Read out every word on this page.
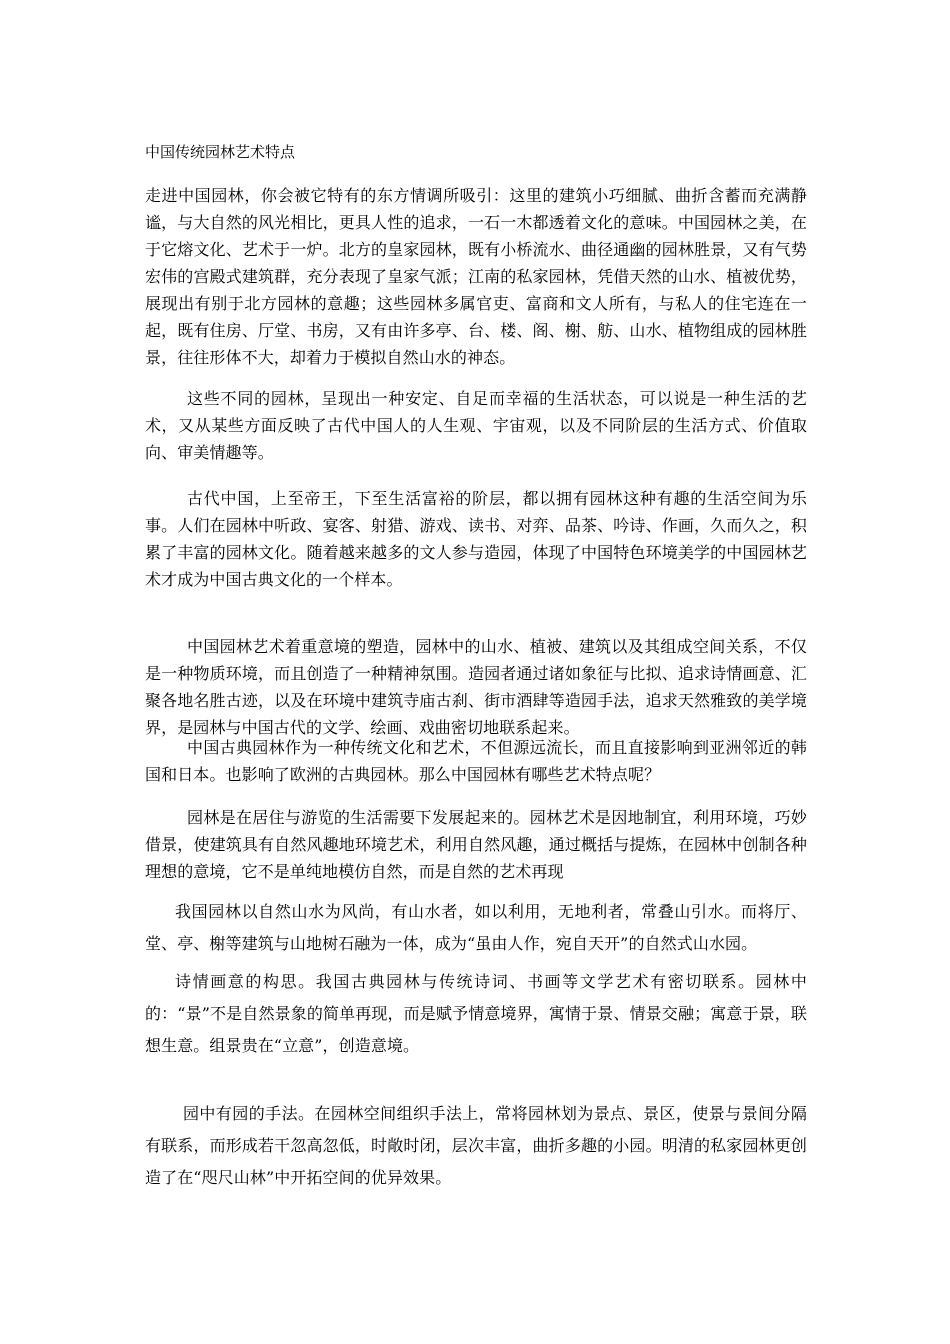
中国传统园林艺术特点

走进中国园林，你会被它特有的东方情调所吸引：这里的建筑小巧细腻、曲折含蓄而充满静谧，与大自然的风光相比，更具人性的追求，一石一木都透着文化的意味。中国园林之美，在于它熔文化、艺术于一炉。北方的皇家园林，既有小桥流水、曲径通幽的园林胜景，又有气势宏伟的宫殿式建筑群，充分表现了皇家气派；江南的私家园林，凭借天然的山水、植被优势，展现出有别于北方园林的意趣；这些园林多属官吏、富商和文人所有，与私人的住宅连在一起，既有住房、厅堂、书房，又有由许多亭、台、楼、阁、榭、舫、山水、植物组成的园林胜景，往往形体不大，却着力于模拟自然山水的神态。

这些不同的园林，呈现出一种安定、自足而幸福的生活状态，可以说是一种生活的艺术，又从某些方面反映了古代中国人的人生观、宇宙观，以及不同阶层的生活方式、价值取向、审美情趣等。

古代中国，上至帝王，下至生活富裕的阶层，都以拥有园林这种有趣的生活空间为乐事。人们在园林中听政、宴客、射猎、游戏、读书、对弈、品茶、吟诗、作画，久而久之，积累了丰富的园林文化。随着越来越多的文人参与造园，体现了中国特色环境美学的中国园林艺术才成为中国古典文化的一个样本。

中国园林艺术着重意境的塑造，园林中的山水、植被、建筑以及其组成空间关系，不仅是一种物质环境，而且创造了一种精神氛围。造园者通过诸如象征与比拟、追求诗情画意、汇聚各地名胜古迹，以及在环境中建筑寺庙古刹、街市酒肆等造园手法，追求天然雅致的美学境界，是园林与中国古代的文学、绘画、戏曲密切地联系起来。

中国古典园林作为一种传统文化和艺术，不但源远流长，而且直接影响到亚洲邻近的韩国和日本。也影响了欧洲的古典园林。那么中国园林有哪些艺术特点呢？

园林是在居住与游览的生活需要下发展起来的。园林艺术是因地制宜，利用环境，巧妙借景，使建筑具有自然风趣地环境艺术，利用自然风趣，通过概括与提炼，在园林中创制各种理想的意境，它不是单纯地模仿自然，而是自然的艺术再现

我国园林以自然山水为风尚，有山水者，如以利用，无地利者，常叠山引水。而将厅、堂、亭、榭等建筑与山地树石融为一体，成为“虽由人作，宛自天开”的自然式山水园。

诗情画意的构思。我国古典园林与传统诗词、书画等文学艺术有密切联系。园林中的：“景”不是自然景象的简单再现，而是赋予情意境界，寓情于景、情景交融；寓意于景，联想生意。组景贵在“立意”，创造意境。

园中有园的手法。在园林空间组织手法上，常将园林划为景点、景区，使景与景间分隔有联系，而形成若干忽高忽低，时敞时闭，层次丰富，曲折多趣的小园。明清的私家园林更创造了在“咫尺山林”中开拓空间的优异效果。
